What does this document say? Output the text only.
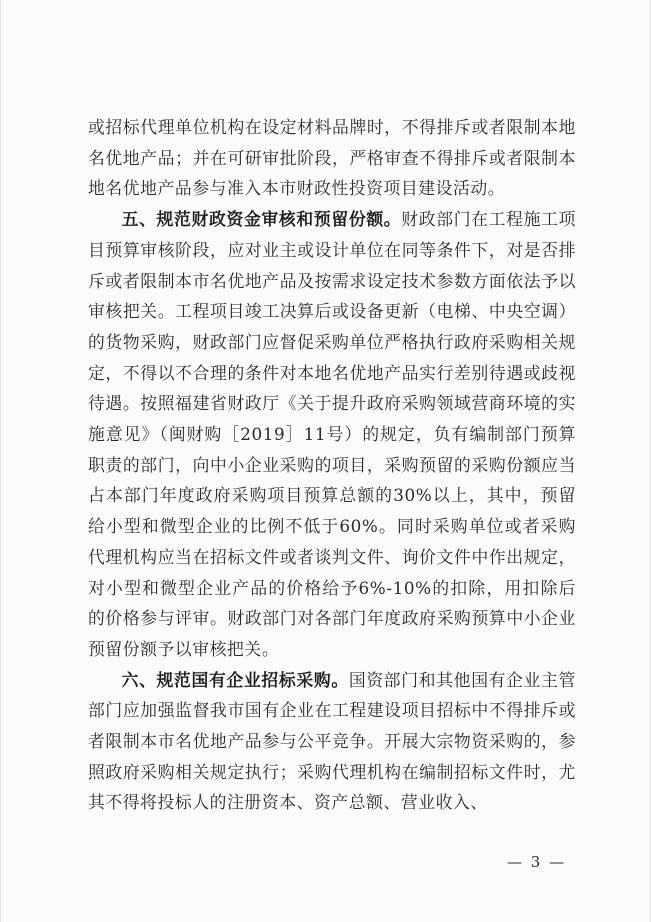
或招标代理单位机构在设定材料品牌时，不得排斥或者限制本地名优地产品；并在可研审批阶段，严格审查不得排斥或者限制本地名优地产品参与准入本市财政性投资项目建设活动。

五、规范财政资金审核和预留份额。财政部门在工程施工项目预算审核阶段，应对业主或设计单位在同等条件下，对是否排斥或者限制本市名优地产品及按需求设定技术参数方面依法予以审核把关。工程项目竣工决算后或设备更新（电梯、中央空调）的货物采购，财政部门应督促采购单位严格执行政府采购相关规定，不得以不合理的条件对本地名优地产品实行差别待遇或歧视待遇。按照福建省财政厅《关于提升政府采购领域营商环境的实施意见》（闽财购［2019］11号）的规定，负有编制部门预算职责的部门，向中小企业采购的项目，采购预留的采购份额应当占本部门年度政府采购项目预算总额的30%以上，其中，预留给小型和微型企业的比例不低于60%。同时采购单位或者采购代理机构应当在招标文件或者谈判文件、询价文件中作出规定，对小型和微型企业产品的价格给予6%-10%的扣除，用扣除后的价格参与评审。财政部门对各部门年度政府采购预算中小企业预留份额予以审核把关。

六、规范国有企业招标采购。国资部门和其他国有企业主管部门应加强监督我市国有企业在工程建设项目招标中不得排斥或者限制本市名优地产品参与公平竞争。开展大宗物资采购的，参照政府采购相关规定执行；采购代理机构在编制招标文件时，尤其不得将投标人的注册资本、资产总额、营业收入、

— 3 —
